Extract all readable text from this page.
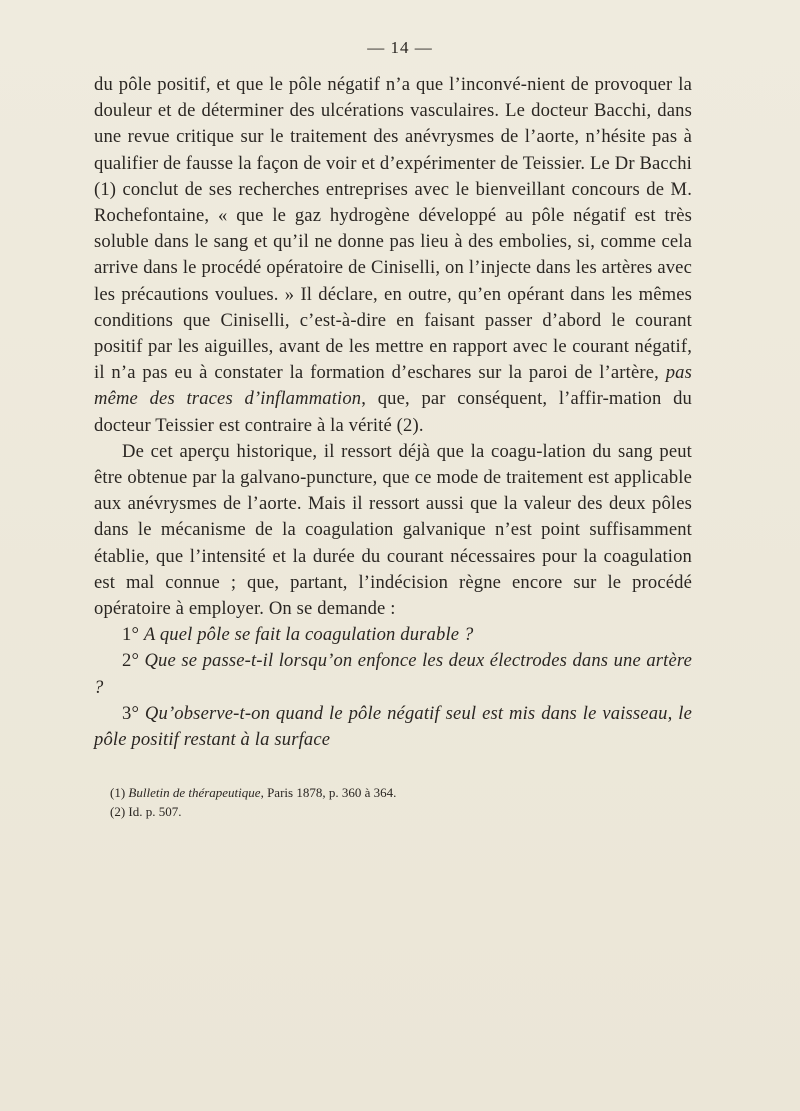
— 14 —

du pôle positif, et que le pôle négatif n’a que l’inconvé-nient de provoquer la douleur et de déterminer des ulcérations vasculaires. Le docteur Bacchi, dans une revue critique sur le traitement des anévrysmes de l’aorte, n’hésite pas à qualifier de fausse la façon de voir et d’expérimenter de Teissier. Le Dr Bacchi (1) conclut de ses recherches entreprises avec le bienveillant concours de M. Rochefontaine, « que le gaz hydrogène développé au pôle négatif est très soluble dans le sang et qu’il ne donne pas lieu à des embolies, si, comme cela arrive dans le procédé opératoire de Ciniselli, on l’injecte dans les artères avec les précautions voulues. » Il déclare, en outre, qu’en opérant dans les mêmes conditions que Ciniselli, c’est-à-dire en faisant passer d’abord le courant positif par les aiguilles, avant de les mettre en rapport avec le courant négatif, il n’a pas eu à constater la formation d’eschares sur la paroi de l’artère, pas même des traces d’inflammation, que, par conséquent, l’affir-mation du docteur Teissier est contraire à la vérité (2).

De cet aperçu historique, il ressort déjà que la coagu-lation du sang peut être obtenue par la galvano-puncture, que ce mode de traitement est applicable aux anévrysmes de l’aorte. Mais il ressort aussi que la valeur des deux pôles dans le mécanisme de la coagulation galvanique n’est point suffisamment établie, que l’intensité et la durée du courant nécessaires pour la coagulation est mal connue ; que, partant, l’indécision règne encore sur le procédé opératoire à employer. On se demande :

1° A quel pôle se fait la coagulation durable ?

2° Que se passe-t-il lorsqu’on enfonce les deux électrodes dans une artère ?

3° Qu’observe-t-on quand le pôle négatif seul est mis dans le vaisseau, le pôle positif restant à la surface

(1) Bulletin de thérapeutique, Paris 1878, p. 360 à 364.
(2) Id. p. 507.
